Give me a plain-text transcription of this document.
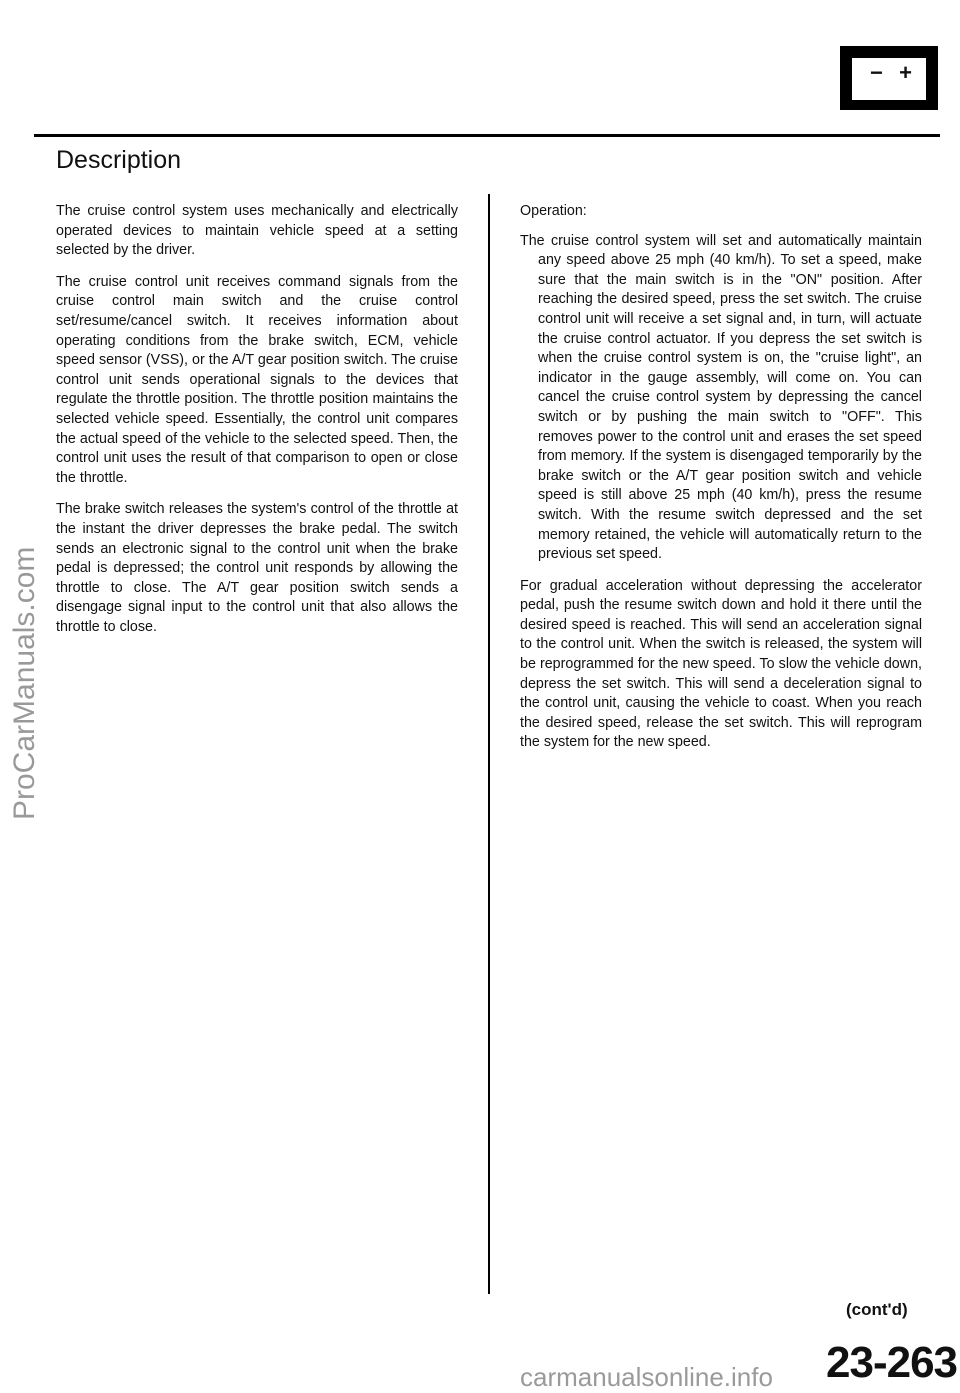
− +
Description

The cruise control system uses mechanically and electrically operated devices to maintain vehicle speed at a setting selected by the driver.

The cruise control unit receives command signals from the cruise control main switch and the cruise control set/resume/cancel switch. It receives information about operating conditions from the brake switch, ECM, vehicle speed sensor (VSS), or the A/T gear position switch. The cruise control unit sends operational signals to the devices that regulate the throttle position. The throttle position maintains the selected vehicle speed. Essentially, the control unit compares the actual speed of the vehicle to the selected speed. Then, the control unit uses the result of that comparison to open or close the throttle.

The brake switch releases the system's control of the throttle at the instant the driver depresses the brake pedal. The switch sends an electronic signal to the control unit when the brake pedal is depressed; the control unit responds by allowing the throttle to close. The A/T gear position switch sends a disengage signal input to the control unit that also allows the throttle to close.

Operation:

The cruise control system will set and automatically maintain any speed above 25 mph (40 km/h). To set a speed, make sure that the main switch is in the "ON" position. After reaching the desired speed, press the set switch. The cruise control unit will receive a set signal and, in turn, will actuate the cruise control actuator. If you depress the set switch is when the cruise control system is on, the "cruise light", an indicator in the gauge assembly, will come on. You can cancel the cruise control system by depressing the cancel switch or by pushing the main switch to "OFF". This removes power to the control unit and erases the set speed from memory. If the system is disengaged temporarily by the brake switch or the A/T gear position switch and vehicle speed is still above 25 mph (40 km/h), press the resume switch. With the resume switch depressed and the set memory retained, the vehicle will automatically return to the previous set speed.

For gradual acceleration without depressing the accelerator pedal, push the resume switch down and hold it there until the desired speed is reached. This will send an acceleration signal to the control unit. When the switch is released, the system will be reprogrammed for the new speed. To slow the vehicle down, depress the set switch. This will send a deceleration signal to the control unit, causing the vehicle to coast. When you reach the desired speed, release the set switch. This will reprogram the system for the new speed.

ProCarManuals.com
(cont'd)
23-263
carmanualsonline.info
